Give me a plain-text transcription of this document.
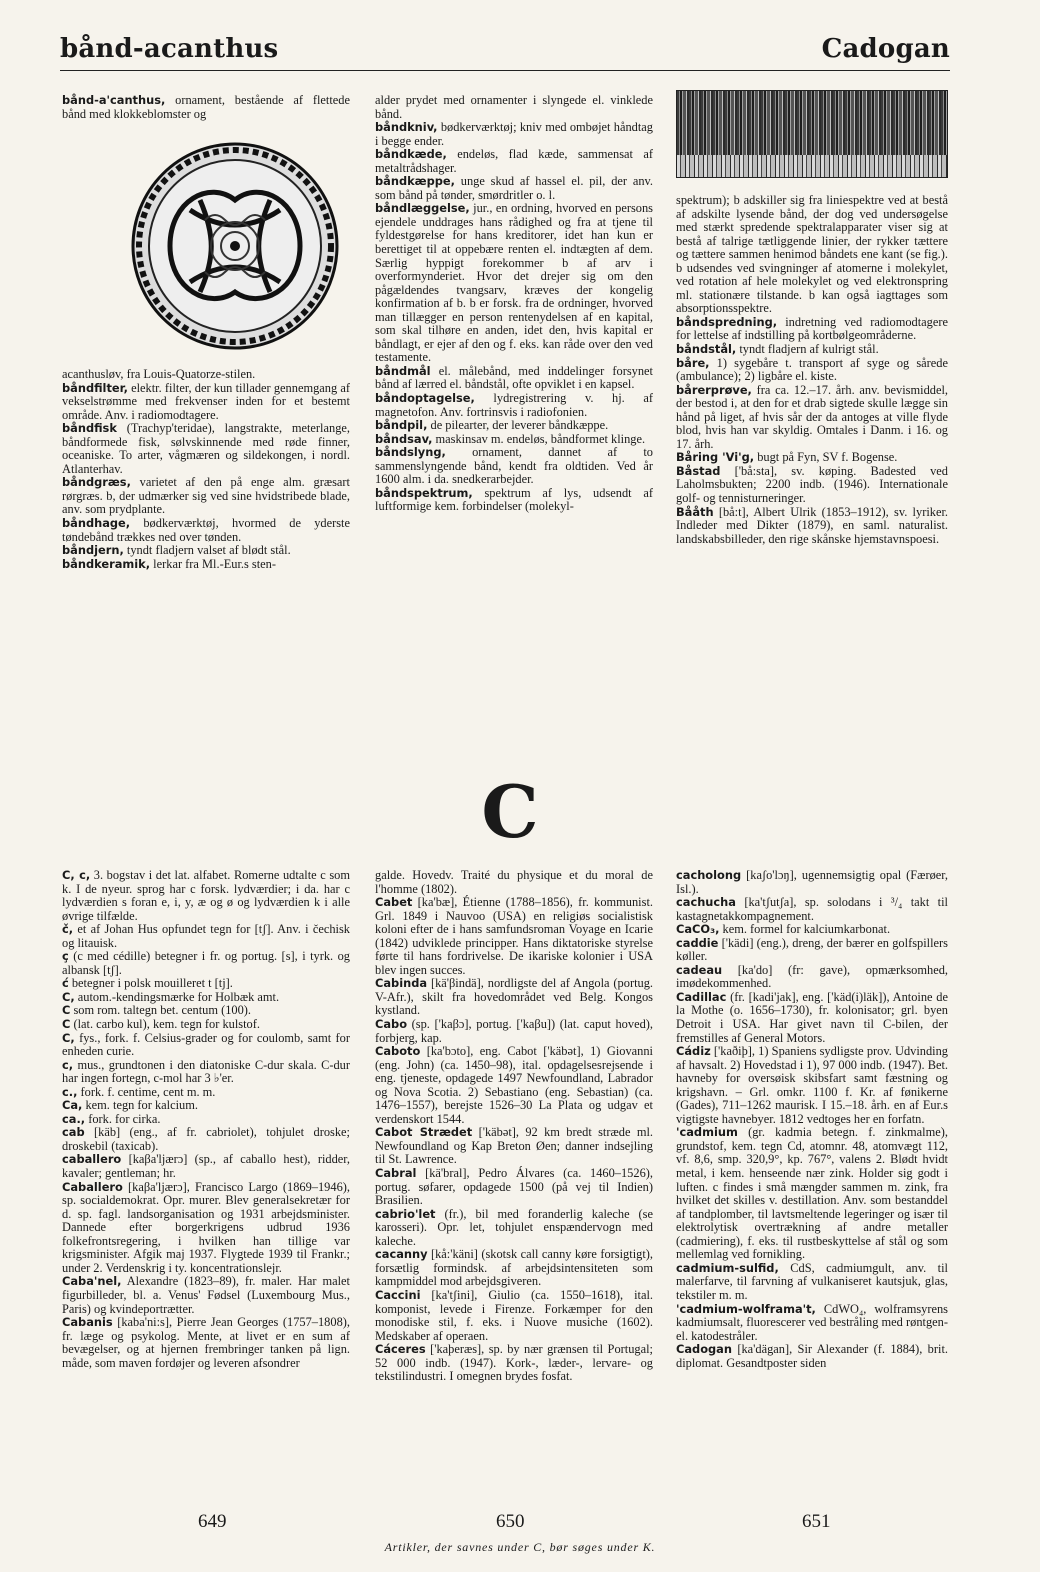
bånd-acanthus	Cadogan

bånd-a'canthus, ornament, bestående af flettede bånd med klokkeblomster og

acanthusløv, fra Louis-Quatorze-stilen.

båndfilter, elektr. filter, der kun tillader gennemgang af vekselstrømme med frekvenser inden for et bestemt område. Anv. i radiomodtagere.

båndfisk (Trachyp'teridae), langstrakte, meterlange, båndformede fisk, sølvskinnende med røde finner, oceaniske. To arter, vågmæren og sildekongen, i nordl. Atlanterhav.

båndgræs, varietet af den på enge alm. græsart rørgræs. b, der udmærker sig ved sine hvidstribede blade, anv. som prydplante.

båndhage, bødkerværktøj, hvormed de yderste tøndebånd trækkes ned over tønden.

båndjern, tyndt fladjern valset af blødt stål.

båndkeramik, lerkar fra Ml.-Eur.s sten-

alder prydet med ornamenter i slyngede el. vinklede bånd.

båndkniv, bødkerværktøj; kniv med ombøjet håndtag i begge ender.

båndkæde, endeløs, flad kæde, sammensat af metaltrådshager.

båndkæppe, unge skud af hassel el. pil, der anv. som bånd på tønder, smørdritler o. l.

båndlæggelse, jur., en ordning, hvorved en persons ejendele unddrages hans rådighed og fra at tjene til fyldestgørelse for hans kreditorer, idet han kun er berettiget til at oppebære renten el. indtægten af dem. Særlig hyppigt forekommer b af arv i overformynderiet. Hvor det drejer sig om den pågældendes tvangsarv, kræves der kongelig konfirmation af b. b er forsk. fra de ordninger, hvorved man tillægger en person rentenydelsen af en kapital, som skal tilhøre en anden, idet den, hvis kapital er båndlagt, er ejer af den og f. eks. kan råde over den ved testamente.

båndmål el. målebånd, med inddelinger forsynet bånd af lærred el. båndstål, ofte opviklet i en kapsel.

båndoptagelse, lydregistrering v. hj. af magnetofon. Anv. fortrinsvis i radiofonien.

båndpil, de pilearter, der leverer båndkæppe.

båndsav, maskinsav m. endeløs, båndformet klinge.

båndslyng, ornament, dannet af to sammenslyngende bånd, kendt fra oldtiden. Ved år 1600 alm. i da. snedkerarbejder.

båndspektrum, spektrum af lys, udsendt af luftformige kem. forbindelser (molekyl-

spektrum); b adskiller sig fra liniespektre ved at bestå af adskilte lysende bånd, der dog ved undersøgelse med stærkt spredende spektralapparater viser sig at bestå af talrige tætliggende linier, der rykker tættere og tættere sammen henimod båndets ene kant (se fig.). b udsendes ved svingninger af atomerne i molekylet, ved rotation af hele molekylet og ved elektronspring ml. stationære tilstande. b kan også iagttages som absorptionsspektre.

båndspredning, indretning ved radiomodtagere for lettelse af indstilling på kortbølgeområderne.

båndstål, tyndt fladjern af kulrigt stål.

båre, 1) sygebåre t. transport af syge og sårede (ambulance); 2) ligbåre el. kiste.

bårerprøve, fra ca. 12.–17. årh. anv. bevismiddel, der bestod i, at den for et drab sigtede skulle lægge sin hånd på liget, af hvis sår der da antoges at ville flyde blod, hvis han var skyldig. Omtales i Danm. i 16. og 17. årh.

Båring 'Vi'g, bugt på Fyn, SV f. Bogense.

Båstad ['bå:sta], sv. køping. Badested ved Laholmsbukten; 2200 indb. (1946). Internationale golf- og tennisturneringer.

Bååth [bå:t], Albert Ulrik (1853–1912), sv. lyriker. Indleder med Dikter (1879), en saml. naturalist. landskabsbilleder, den rige skånske hjemstavnspoesi.

C

C, c, 3. bogstav i det lat. alfabet. Romerne udtalte c som k. I de nyeur. sprog har c forsk. lydværdier; i da. har c lydværdien s foran e, i, y, æ og ø og lydværdien k i alle øvrige tilfælde.

č, et af Johan Hus opfundet tegn for [tʃ]. Anv. i čechisk og litauisk.

ç (c med cédille) betegner i fr. og portug. [s], i tyrk. og albansk [tʃ].

ć betegner i polsk mouilleret t [tj].

C, autom.-kendingsmærke for Holbæk amt.

C som rom. taltegn bet. centum (100).

C (lat. carbo kul), kem. tegn for kulstof.

C, fys., fork. f. Celsius-grader og for coulomb, samt for enheden curie.

c, mus., grundtonen i den diatoniske C-dur skala. C-dur har ingen fortegn, c-mol har 3 ♭'er.

c., fork. f. centime, cent m. m.

Ca, kem. tegn for kalcium.

ca., fork. for cirka.

cab [käb] (eng., af fr. cabriolet), tohjulet droske; droskebil (taxicab).

caballero [kaβa'ljærɔ] (sp., af caballo hest), ridder, kavaler; gentleman; hr.

Caballero [kaβa'ljærɔ], Francisco Largo (1869–1946), sp. socialdemokrat. Opr. murer. Blev generalsekretær for d. sp. fagl. landsorganisation og 1931 arbejdsminister. Dannede efter borgerkrigens udbrud 1936 folkefrontsregering, i hvilken han tillige var krigsminister. Afgik maj 1937. Flygtede 1939 til Frankr.; under 2. Verdenskrig i ty. koncentrationslejr.

Caba'nel, Alexandre (1823–89), fr. maler. Har malet figurbilleder, bl. a. Venus' Fødsel (Luxembourg Mus., Paris) og kvindeportrætter.

Cabanis [kaba'ni:s], Pierre Jean Georges (1757–1808), fr. læge og psykolog. Mente, at livet er en sum af bevægelser, og at hjernen frembringer tanken på lign. måde, som maven fordøjer og leveren afsondrer

galde. Hovedv. Traité du physique et du moral de l'homme (1802).

Cabet [ka'bæ], Étienne (1788–1856), fr. kommunist. Grl. 1849 i Nauvoo (USA) en religiøs socialistisk koloni efter de i hans samfundsroman Voyage en Icarie (1842) udviklede principper. Hans diktatoriske styrelse førte til hans fordrivelse. De ikariske kolonier i USA blev ingen succes.

Cabinda [kä'βindä], nordligste del af Angola (portug. V-Afr.), skilt fra hovedområdet ved Belg. Kongos kystland.

Cabo (sp. ['kaβɔ], portug. ['kaβu]) (lat. caput hoved), forbjerg, kap.

Caboto [ka'bɔto], eng. Cabot ['käbət], 1) Giovanni (eng. John) (ca. 1450–98), ital. opdagelsesrejsende i eng. tjeneste, opdagede 1497 Newfoundland, Labrador og Nova Scotia. 2) Sebastiano (eng. Sebastian) (ca. 1476–1557), berejste 1526–30 La Plata og udgav et verdenskort 1544.

Cabot Strædet ['käbət], 92 km bredt stræde ml. Newfoundland og Kap Breton Øen; danner indsejling til St. Lawrence.

Cabral [kä'bral], Pedro Álvares (ca. 1460–1526), portug. søfarer, opdagede 1500 (på vej til Indien) Brasilien.

cabrio'let (fr.), bil med foranderlig kaleche (se karosseri). Opr. let, tohjulet enspændervogn med kaleche.

cacanny [kå:'käni] (skotsk call canny køre forsigtigt), forsætlig formindsk. af arbejdsintensiteten som kampmiddel mod arbejdsgiveren.

Caccini [ka'tʃini], Giulio (ca. 1550–1618), ital. komponist, levede i Firenze. Forkæmper for den monodiske stil, f. eks. i Nuove musiche (1602). Medskaber af operaen.

Cáceres ['kaþeræs], sp. by nær grænsen til Portugal; 52 000 indb. (1947). Kork-, læder-, lervare- og tekstilindustri. I omegnen brydes fosfat.

cacholong [kaʃo'lɔŋ], ugennemsigtig opal (Færøer, Isl.).

cachucha [ka'tʃutʃa], sp. solodans i ³/₄ takt til kastagnetakkompagnement.

CaCO₃, kem. formel for kalciumkarbonat.

caddie ['kädi] (eng.), dreng, der bærer en golfspillers køller.

cadeau [ka'do] (fr: gave), opmærksomhed, imødekommenhed.

Cadillac (fr. [kadi'jak], eng. ['käd(i)läk]), Antoine de la Mothe (o. 1656–1730), fr. kolonisator; grl. byen Detroit i USA. Har givet navn til C-bilen, der fremstilles af General Motors.

Cádiz ['kaðiþ], 1) Spaniens sydligste prov. Udvinding af havsalt. 2) Hovedstad i 1), 97 000 indb. (1947). Bet. havneby for oversøisk skibsfart samt fæstning og krigshavn. – Grl. omkr. 1100 f. Kr. af fønikerne (Gades), 711–1262 maurisk. I 15.–18. årh. en af Eur.s vigtigste havnebyer. 1812 vedtoges her en forfatn.

'cadmium (gr. kadmia betegn. f. zinkmalme), grundstof, kem. tegn Cd, atomnr. 48, atomvægt 112, vf. 8,6, smp. 320,9°, kp. 767°, valens 2. Blødt hvidt metal, i kem. henseende nær zink. Holder sig godt i luften. c findes i små mængder sammen m. zink, fra hvilket det skilles v. destillation. Anv. som bestanddel af tandplomber, til lavtsmeltende legeringer og især til elektrolytisk overtrækning af andre metaller (cadmiering), f. eks. til rustbeskyttelse af stål og som mellemlag ved fornikling.

cadmium-sulfid, CdS, cadmiumgult, anv. til malerfarve, til farvning af vulkaniseret kautsjuk, glas, tekstiler m. m.

'cadmium-wolframa't, CdWO₄, wolframsyrens kadmiumsalt, fluorescerer ved bestråling med røntgen- el. katodestråler.

Cadogan [ka'dägan], Sir Alexander (f. 1884), brit. diplomat. Gesandtposter siden

649	650	651
Artikler, der savnes under C, bør søges under K.
